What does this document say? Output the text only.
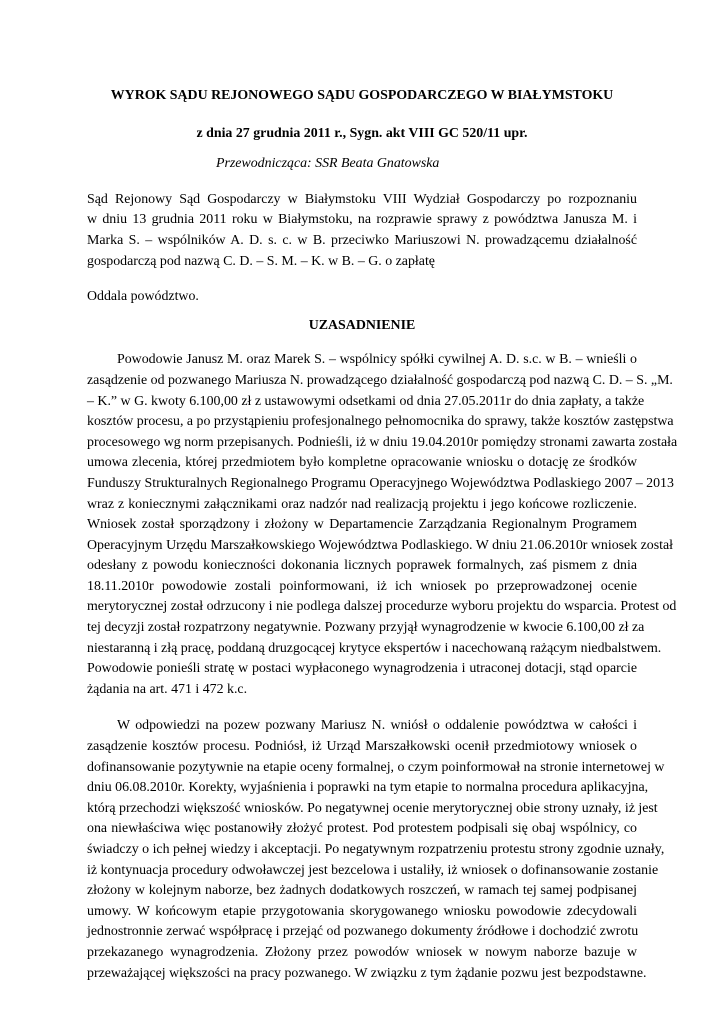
WYROK SĄDU REJONOWEGO SĄDU GOSPODARCZEGO W BIAŁYMSTOKU

z dnia 27 grudnia 2011 r., Sygn. akt VIII GC 520/11 upr.

Przewodnicząca: SSR Beata Gnatowska

Sąd Rejonowy Sąd Gospodarczy w Białymstoku VIII Wydział Gospodarczy po rozpoznaniu
w dniu 13 grudnia 2011 roku w Białymstoku, na rozprawie sprawy z powództwa Janusza M. i
Marka S. – wspólników A. D. s. c. w B. przeciwko Mariuszowi N. prowadzącemu działalność
gospodarczą pod nazwą C. D. – S. M. – K. w B. – G. o zapłatę

Oddala powództwo.

UZASADNIENIE

Powodowie Janusz M. oraz Marek S. – wspólnicy spółki cywilnej A. D. s.c. w B. – wnieśli o
zasądzenie od pozwanego Mariusza N. prowadzącego działalność gospodarczą pod nazwą C. D. – S. „M.
– K.” w G. kwoty 6.100,00 zł z ustawowymi odsetkami od dnia 27.05.2011r do dnia zapłaty, a także
kosztów procesu, a po przystąpieniu profesjonalnego pełnomocnika do sprawy, także kosztów zastępstwa
procesowego wg norm przepisanych. Podnieśli, iż w dniu 19.04.2010r pomiędzy stronami zawarta została
umowa zlecenia, której przedmiotem było kompletne opracowanie wniosku o dotację ze środków
Funduszy Strukturalnych Regionalnego Programu Operacyjnego Województwa Podlaskiego 2007 – 2013
wraz z koniecznymi załącznikami oraz nadzór nad realizacją projektu i jego końcowe rozliczenie.
Wniosek został sporządzony i złożony w Departamencie Zarządzania Regionalnym Programem
Operacyjnym Urzędu Marszałkowskiego Województwa Podlaskiego. W dniu 21.06.2010r wniosek został
odesłany z powodu konieczności dokonania licznych poprawek formalnych, zaś pismem z dnia
18.11.2010r powodowie zostali poinformowani, iż ich wniosek po przeprowadzonej ocenie
merytorycznej został odrzucony i nie podlega dalszej procedurze wyboru projektu do wsparcia. Protest od
tej decyzji został rozpatrzony negatywnie. Pozwany przyjął wynagrodzenie w kwocie 6.100,00 zł za
niestaranną i złą pracę, poddaną druzgocącej krytyce ekspertów i nacechowaną rażącym niedbalstwem.
Powodowie ponieśli stratę w postaci wypłaconego wynagrodzenia i utraconej dotacji, stąd oparcie
żądania na art. 471 i 472 k.c.
W odpowiedzi na pozew pozwany Mariusz N. wniósł o oddalenie powództwa w całości i
zasądzenie kosztów procesu. Podniósł, iż Urząd Marszałkowski ocenił przedmiotowy wniosek o
dofinansowanie pozytywnie na etapie oceny formalnej, o czym poinformował na stronie internetowej w
dniu 06.08.2010r. Korekty, wyjaśnienia i poprawki na tym etapie to normalna procedura aplikacyjna,
którą przechodzi większość wniosków. Po negatywnej ocenie merytorycznej obie strony uznały, iż jest
ona niewłaściwa więc postanowiły złożyć protest. Pod protestem podpisali się obaj wspólnicy, co
świadczy o ich pełnej wiedzy i akceptacji. Po negatywnym rozpatrzeniu protestu strony zgodnie uznały,
iż kontynuacja procedury odwoławczej jest bezcelowa i ustaliły, iż wniosek o dofinansowanie zostanie
złożony w kolejnym naborze, bez żadnych dodatkowych roszczeń, w ramach tej samej podpisanej
umowy. W końcowym etapie przygotowania skorygowanego wniosku powodowie zdecydowali
jednostronnie zerwać współpracę i przejąć od pozwanego dokumenty źródłowe i dochodzić zwrotu
przekazanego wynagrodzenia. Złożony przez powodów wniosek w nowym naborze bazuje w
przeważającej większości na pracy pozwanego. W związku z tym żądanie pozwu jest bezpodstawne.
